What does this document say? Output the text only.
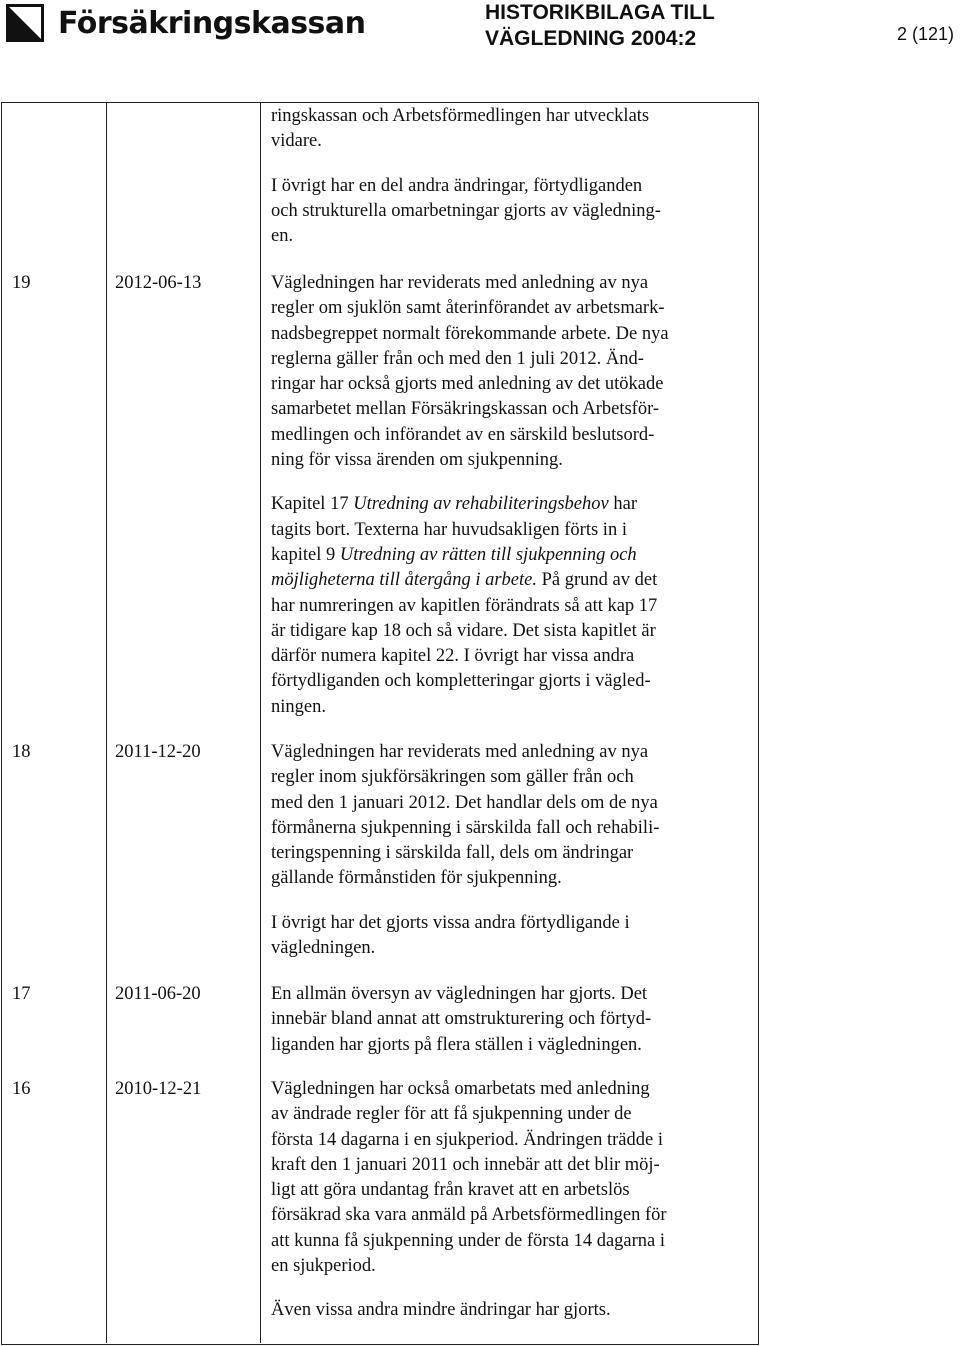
Försäkringskassan	HISTORIKBILAGA TILL
VÄGLEDNING 2004:2	2 (121)

ringskassan och Arbetsförmedlingen har utvecklats
vidare.

I övrigt har en del andra ändringar, förtydliganden
och strukturella omarbetningar gjorts av vägledning-
en.

19	2012-06-13	Vägledningen har reviderats med anledning av nya
regler om sjuklön samt återinförandet av arbetsmark-
nadsbegreppet normalt förekommande arbete. De nya
reglerna gäller från och med den 1 juli 2012. Änd-
ringar har också gjorts med anledning av det utökade
samarbetet mellan Försäkringskassan och Arbetsför-
medlingen och införandet av en särskild beslutsord-
ning för vissa ärenden om sjukpenning.

Kapitel 17 Utredning av rehabiliteringsbehov har
tagits bort. Texterna har huvudsakligen förts in i
kapitel 9 Utredning av rätten till sjukpenning och
möjligheterna till återgång i arbete. På grund av det
har numreringen av kapitlen förändrats så att kap 17
är tidigare kap 18 och så vidare. Det sista kapitlet är
därför numera kapitel 22. I övrigt har vissa andra
förtydliganden och kompletteringar gjorts i vägled-
ningen.

18	2011-12-20	Vägledningen har reviderats med anledning av nya
regler inom sjukförsäkringen som gäller från och
med den 1 januari 2012. Det handlar dels om de nya
förmånerna sjukpenning i särskilda fall och rehabili-
teringspenning i särskilda fall, dels om ändringar
gällande förmånstiden för sjukpenning.

I övrigt har det gjorts vissa andra förtydligande i
vägledningen.

17	2011-06-20	En allmän översyn av vägledningen har gjorts. Det
innebär bland annat att omstrukturering och förtyd-
liganden har gjorts på flera ställen i vägledningen.

16	2010-12-21	Vägledningen har också omarbetats med anledning
av ändrade regler för att få sjukpenning under de
första 14 dagarna i en sjukperiod. Ändringen trädde i
kraft den 1 januari 2011 och innebär att det blir möj-
ligt att göra undantag från kravet att en arbetslös
försäkrad ska vara anmäld på Arbetsförmedlingen för
att kunna få sjukpenning under de första 14 dagarna i
en sjukperiod.

Även vissa andra mindre ändringar har gjorts.
